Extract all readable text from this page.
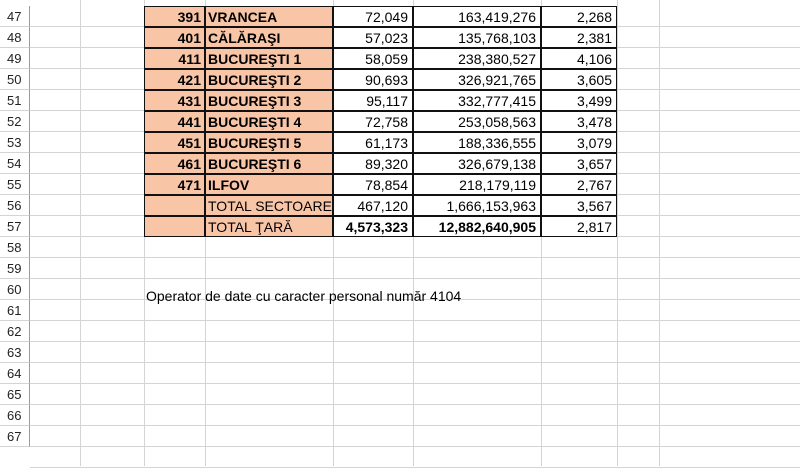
47
48
49
50
51
52
53
54
55
56
57
58
59
60
61
62
63
64
65
66
67
391 VRANCEA	72,049	163,419,276	2,268
401 CĂLĂRAŞI	57,023	135,768,103	2,381
411 BUCUREŞTI 1	58,059	238,380,527	4,106
421 BUCUREŞTI 2	90,693	326,921,765	3,605
431 BUCUREŞTI 3	95,117	332,777,415	3,499
441 BUCUREŞTI 4	72,758	253,058,563	3,478
451 BUCUREŞTI 5	61,173	188,336,555	3,079
461 BUCUREŞTI 6	89,320	326,679,138	3,657
471 ILFOV	78,854	218,179,119	2,767
TOTAL SECTOARE	467,120	1,666,153,963	3,567
TOTAL ŢARĂ	4,573,323	12,882,640,905	2,817
Operator de date cu caracter personal număr 4104
